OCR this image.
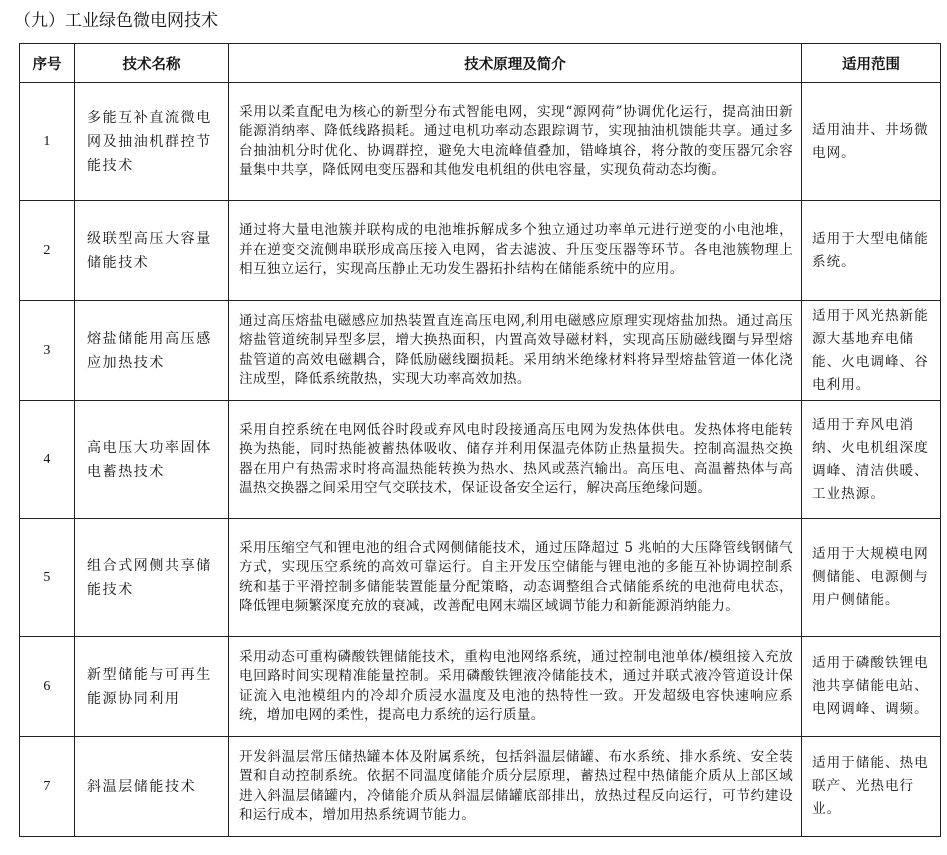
（九）工业绿色微电网技术
序号	技术名称	技术原理及简介	适用范围
1	多能互补直流微电网及抽油机群控节能技术	采用以柔直配电为核心的新型分布式智能电网，实现“源网荷”协调优化运行，提高油田新能源消纳率、降低线路损耗。通过电机功率动态跟踪调节，实现抽油机馈能共享。通过多台抽油机分时优化、协调群控，避免大电流峰值叠加，错峰填谷，将分散的变压器冗余容量集中共享，降低网电变压器和其他发电机组的供电容量，实现负荷动态均衡。	适用油井、井场微电网。
2	级联型高压大容量储能技术	通过将大量电池簇并联构成的电池堆拆解成多个独立通过功率单元进行逆变的小电池堆，并在逆变交流侧串联形成高压接入电网，省去滤波、升压变压器等环节。各电池簇物理上相互独立运行，实现高压静止无功发生器拓扑结构在储能系统中的应用。	适用于大型电储能系统。
3	熔盐储能用高压感应加热技术	通过高压熔盐电磁感应加热装置直连高压电网,利用电磁感应原理实现熔盐加热。通过高压熔盐管道统制异型多层，增大换热面积，内置高效导磁材料，实现高压励磁线圈与异型熔盐管道的高效电磁耦合，降低励磁线圈损耗。采用纳米绝缘材料将异型熔盐管道一体化浇注成型，降低系统散热，实现大功率高效加热。	适用于风光热新能源大基地弃电储能、火电调峰、谷电利用。
4	高电压大功率固体电蓄热技术	采用自控系统在电网低谷时段或弃风电时段接通高压电网为发热体供电。发热体将电能转换为热能，同时热能被蓄热体吸收、储存并利用保温壳体防止热量损失。控制高温热交换器在用户有热需求时将高温热能转换为热水、热风或蒸汽输出。高压电、高温蓄热体与高温热交换器之间采用空气交联技术，保证设备安全运行，解决高压绝缘问题。	适用于弃风电消纳、火电机组深度调峰、清洁供暖、工业热源。
5	组合式网侧共享储能技术	采用压缩空气和锂电池的组合式网侧储能技术，通过压降超过 5 兆帕的大压降管线钢储气方式，实现压空系统的高效可靠运行。自主开发压空储能与锂电池的多能互补协调控制系统和基于平滑控制多储能装置能量分配策略，动态调整组合式储能系统的电池荷电状态，降低锂电频繁深度充放的衰减，改善配电网末端区域调节能力和新能源消纳能力。	适用于大规模电网侧储能、电源侧与用户侧储能。
6	新型储能与可再生能源协同利用	采用动态可重构磷酸铁锂储能技术，重构电池网络系统，通过控制电池单体/模组接入充放电回路时间实现精准能量控制。采用磷酸铁锂液冷储能技术，通过并联式液冷管道设计保证流入电池模组内的冷却介质浸水温度及电池的热特性一致。开发超级电容快速响应系统，增加电网的柔性，提高电力系统的运行质量。	适用于磷酸铁锂电池共享储能电站、电网调峰、调频。
7	斜温层储能技术	开发斜温层常压储热罐本体及附属系统，包括斜温层储罐、布水系统、排水系统、安全装置和自动控制系统。依据不同温度储能介质分层原理，蓄热过程中热储能介质从上部区域进入斜温层储罐内，冷储能介质从斜温层储罐底部排出，放热过程反向运行，可节约建设和运行成本，增加用热系统调节能力。	适用于储能、热电联产、光热电行业。
